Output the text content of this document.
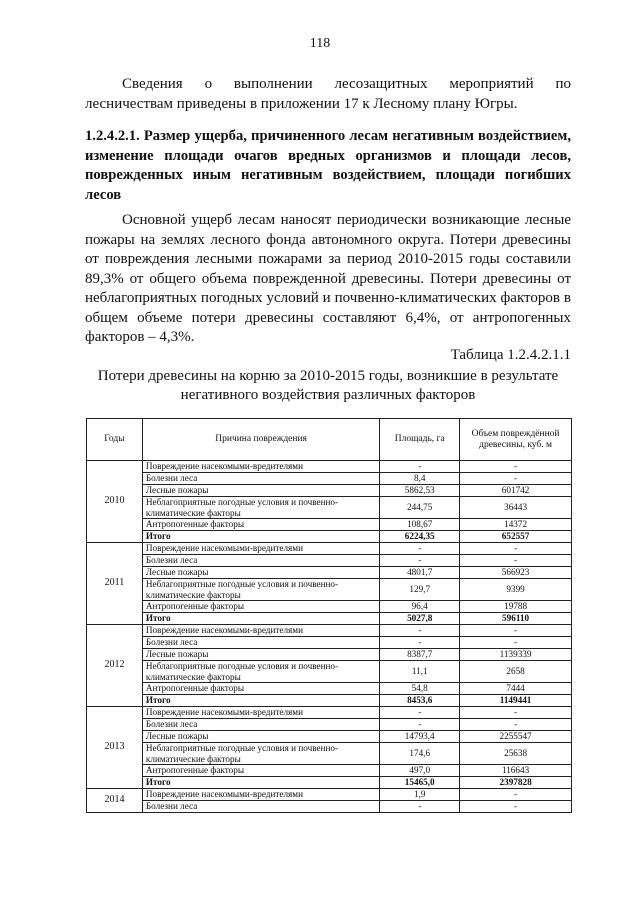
118

Сведения о выполнении лесозащитных мероприятий по лесничествам приведены в приложении 17 к Лесному плану Югры.

1.2.4.2.1. Размер ущерба, причиненного лесам негативным воздействием, изменение площади очагов вредных организмов и площади лесов, поврежденных иным негативным воздействием, площади погибших лесов

Основной ущерб лесам наносят периодически возникающие лесные пожары на землях лесного фонда автономного округа. Потери древесины от повреждения лесными пожарами за период 2010-2015 годы составили 89,3% от общего объема поврежденной древесины. Потери древесины от неблагоприятных погодных условий и почвенно-климатических факторов в общем объеме потери древесины составляют 6,4%, от антропогенных факторов – 4,3%.

Таблица 1.2.4.2.1.1

Потери древесины на корню за 2010-2015 годы, возникшие в результате негативного воздействия различных факторов

Годы	Причина повреждения	Площадь, га	Объем повреждённой древесины, куб. м
2010	Повреждение насекомыми-вредителями	-	-
	Болезни леса	8,4	-
	Лесные пожары	5862,53	601742
	Неблагоприятные погодные условия и почвенно-климатические факторы	244,75	36443
	Антропогенные факторы	108,67	14372
	Итого	6224,35	652557
2011	Повреждение насекомыми-вредителями	-	-
	Болезни леса	-	-
	Лесные пожары	4801,7	566923
	Неблагоприятные погодные условия и почвенно-климатические факторы	129,7	9399
	Антропогенные факторы	96,4	19788
	Итого	5027,8	596110
2012	Повреждение насекомыми-вредителями	-	-
	Болезни леса	-	-
	Лесные пожары	8387,7	1139339
	Неблагоприятные погодные условия и почвенно-климатические факторы	11,1	2658
	Антропогенные факторы	54,8	7444
	Итого	8453,6	1149441
2013	Повреждение насекомыми-вредителями	-	-
	Болезни леса	-	-
	Лесные пожары	14793,4	2255547
	Неблагоприятные погодные условия и почвенно-климатические факторы	174,6	25638
	Антропогенные факторы	497,0	116643
	Итого	15465,0	2397828
2014	Повреждение насекомыми-вредителями	1,9	-
	Болезни леса	-	-
